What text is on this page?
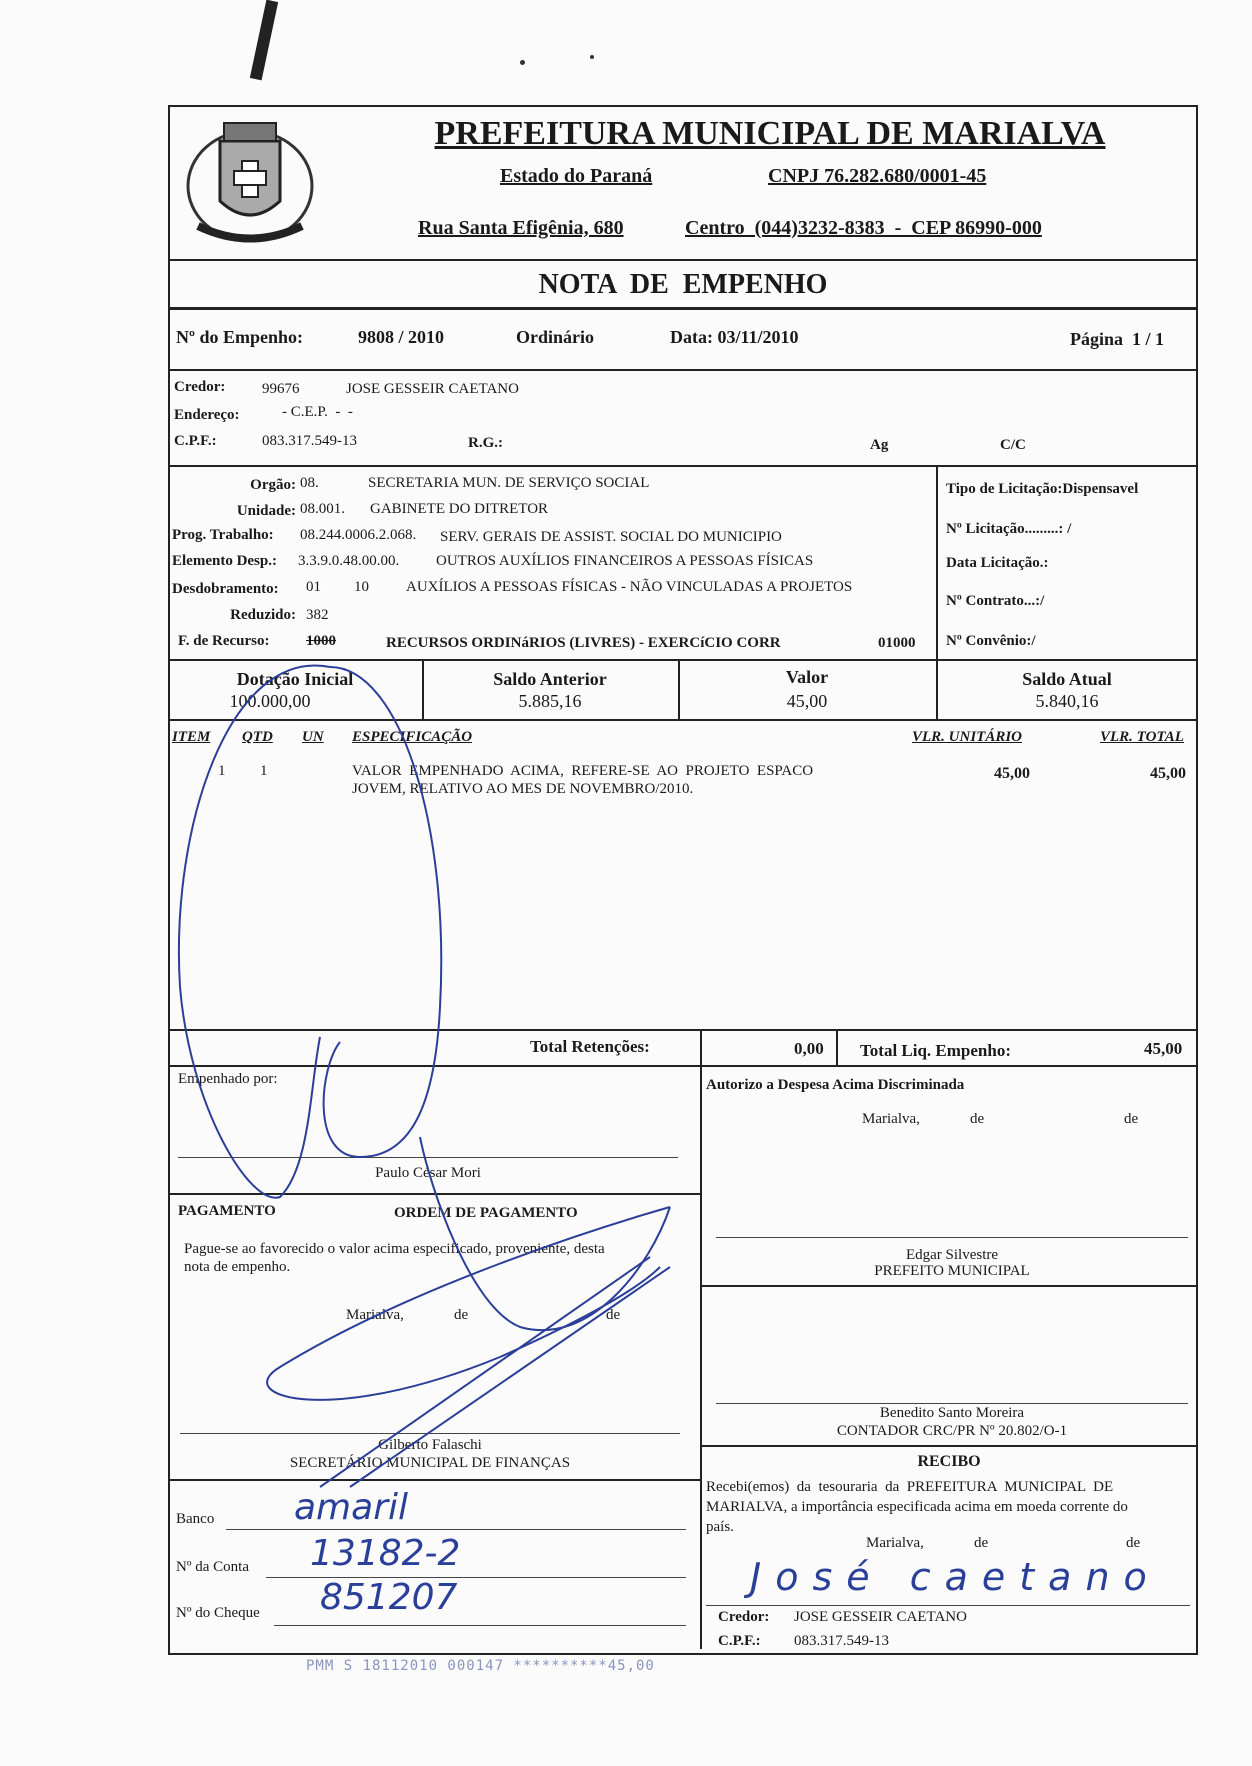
PREFEITURA MUNICIPAL DE MARIALVA
Estado do Paraná	CNPJ 76.282.680/0001-45
Rua Santa Efigênia, 680	Centro  (044)3232-8383  -  CEP 86990-000
NOTA  DE  EMPENHO
Nº do Empenho:	9808 / 2010	Ordinário	Data: 03/11/2010	Página  1 / 1
Credor: 99676	JOSE GESSEIR CAETANO
Endereço:	- C.E.P.  -  -
C.P.F.:	083.317.549-13	R.G.:	Ag	C/C
Orgão: 08.	SECRETARIA MUN. DE SERVIÇO SOCIAL
Unidade: 08.001. GABINETE DO DITRETOR
Prog. Trabalho: 08.244.0006.2.068. SERV. GERAIS DE ASSIST. SOCIAL DO MUNICIPIO
Elemento Desp.: 3.3.9.0.48.00.00. OUTROS AUXÍLIOS FINANCEIROS A PESSOAS FÍSICAS
Desdobramento: 01 10 AUXÍLIOS A PESSOAS FÍSICAS - NÃO VINCULADAS A PROJETOS
Reduzido: 382
F. de Recurso: 1000	RECURSOS ORDINáRIOS (LIVRES) - EXERCíCIO CORR	01000
Tipo de Licitação:Dispensavel
Nº Licitação.........: /
Data Licitação.:
Nº Contrato...:/
Nº Convênio:/
Dotação Inicial
100.000,00
Saldo Anterior
5.885,16
Valor
45,00
Saldo Atual
5.840,16
ITEM QTD UN ESPECIFICAÇÃO	VLR. UNITÁRIO	VLR. TOTAL
1 1	VALOR  EMPENHADO  ACIMA,  REFERE-SE  AO  PROJETO  ESPACO
JOVEM, RELATIVO AO MES DE NOVEMBRO/2010.
45,00	45,00
Total Retenções:	0,00 Total Liq. Empenho:	45,00
Empenhado por:
Paulo César Mori
Autorizo a Despesa Acima Discriminada
Marialva,	de	de
Edgar Silvestre
PREFEITO MUNICIPAL
Benedito Santo Moreira
CONTADOR CRC/PR Nº 20.802/O-1
PAGAMENTO	ORDEM DE PAGAMENTO
Pague-se ao favorecido o valor acima especificado, proveniente, desta
nota de empenho.
Marialva,	de	de
Gilberto Falaschi
SECRETÁRIO MUNICIPAL DE FINANÇAS
Banco amaril
Nº da Conta 13182-2
Nº do Cheque 851207
RECIBO
Recebi(emos)  da  tesouraria  da  PREFEITURA  MUNICIPAL  DE
MARIALVA, a importância especificada acima em moeda corrente do
país.
Marialva,	de	de
José caetano
Credor: JOSE GESSEIR CAETANO
C.P.F.: 083.317.549-13
PMM S 18112010 000147 **********45,00
